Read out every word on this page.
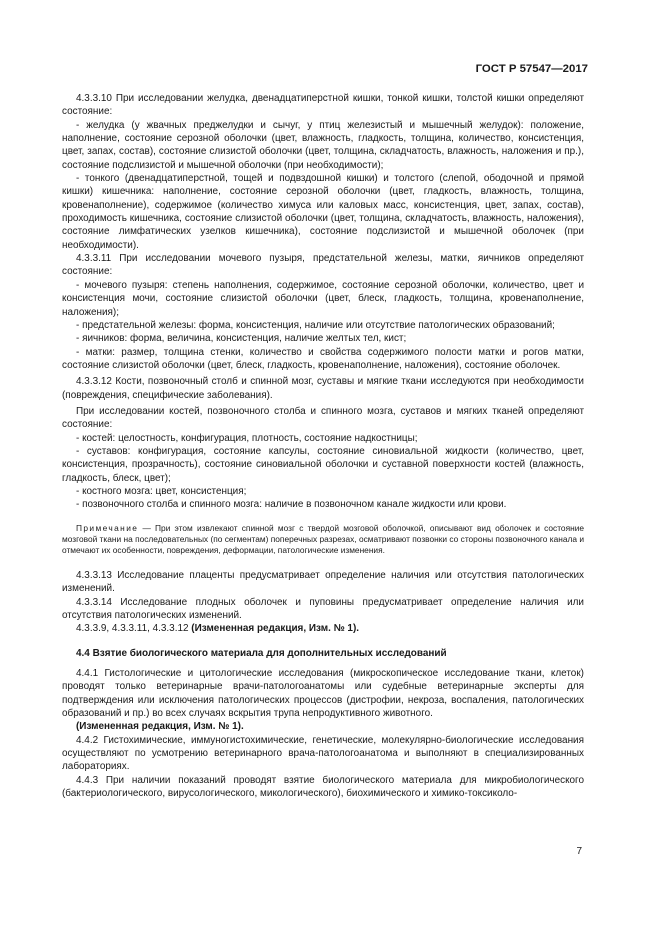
ГОСТ Р 57547—2017

4.3.3.10 При исследовании желудка, двенадцатиперстной кишки, тонкой кишки, толстой кишки определяют состояние:

- желудка (у жвачных преджелудки и сычуг, у птиц железистый и мышечный желудок): положение, наполнение, состояние серозной оболочки (цвет, влажность, гладкость, толщина, количество, консистенция, цвет, запах, состав), состояние слизистой оболочки (цвет, толщина, складчатость, влажность, наложения и пр.), состояние подслизистой и мышечной оболочки (при необходимости);

- тонкого (двенадцатиперстной, тощей и подвздошной кишки) и толстого (слепой, ободочной и прямой кишки) кишечника: наполнение, состояние серозной оболочки (цвет, гладкость, влажность, толщина, кровенаполнение), содержимое (количество химуса или каловых масс, консистенция, цвет, запах, состав), проходимость кишечника, состояние слизистой оболочки (цвет, толщина, складчатость, влажность, наложения), состояние лимфатических узелков кишечника), состояние подслизистой и мышечной оболочек (при необходимости).

4.3.3.11 При исследовании мочевого пузыря, предстательной железы, матки, яичников определяют состояние:

- мочевого пузыря: степень наполнения, содержимое, состояние серозной оболочки, количество, цвет и консистенция мочи, состояние слизистой оболочки (цвет, блеск, гладкость, толщина, кровенаполнение, наложения);

- предстательной железы: форма, консистенция, наличие или отсутствие патологических образований;

- яичников: форма, величина, консистенция, наличие желтых тел, кист;

- матки: размер, толщина стенки, количество и свойства содержимого полости матки и рогов матки, состояние слизистой оболочки (цвет, блеск, гладкость, кровенаполнение, наложения), состояние оболочек.

4.3.3.12 Кости, позвоночный столб и спинной мозг, суставы и мягкие ткани исследуются при необходимости (повреждения, специфические заболевания).

При исследовании костей, позвоночного столба и спинного мозга, суставов и мягких тканей определяют состояние:

- костей: целостность, конфигурация, плотность, состояние надкостницы;

- суставов: конфигурация, состояние капсулы, состояние синовиальной жидкости (количество, цвет, консистенция, прозрачность), состояние синовиальной оболочки и суставной поверхности костей (влажность, гладкость, блеск, цвет);

- костного мозга: цвет, консистенция;

- позвоночного столба и спинного мозга: наличие в позвоночном канале жидкости или крови.

Примечание — При этом извлекают спинной мозг с твердой мозговой оболочкой, описывают вид оболочек и состояние мозговой ткани на последовательных (по сегментам) поперечных разрезах, осматривают позвонки со стороны позвоночного канала и отмечают их особенности, повреждения, деформации, патологические изменения.

4.3.3.13 Исследование плаценты предусматривает определение наличия или отсутствия патологических изменений.

4.3.3.14 Исследование плодных оболочек и пуповины предусматривает определение наличия или отсутствия патологических изменений.

4.3.3.9, 4.3.3.11, 4.3.3.12 (Измененная редакция, Изм. № 1).

4.4 Взятие биологического материала для дополнительных исследований

4.4.1 Гистологические и цитологические исследования (микроскопическое исследование ткани, клеток) проводят только ветеринарные врачи-патологоанатомы или судебные ветеринарные эксперты для подтверждения или исключения патологических процессов (дистрофии, некроза, воспаления, патологических образований и пр.) во всех случаях вскрытия трупа непродуктивного животного.

(Измененная редакция, Изм. № 1).

4.4.2 Гистохимические, иммуногистохимические, генетические, молекулярно-биологические исследования осуществляют по усмотрению ветеринарного врача-патологоанатома и выполняют в специализированных лабораториях.

4.4.3 При наличии показаний проводят взятие биологического материала для микробиологического (бактериологического, вирусологического, микологического), биохимического и химико-токсиколо-

7
